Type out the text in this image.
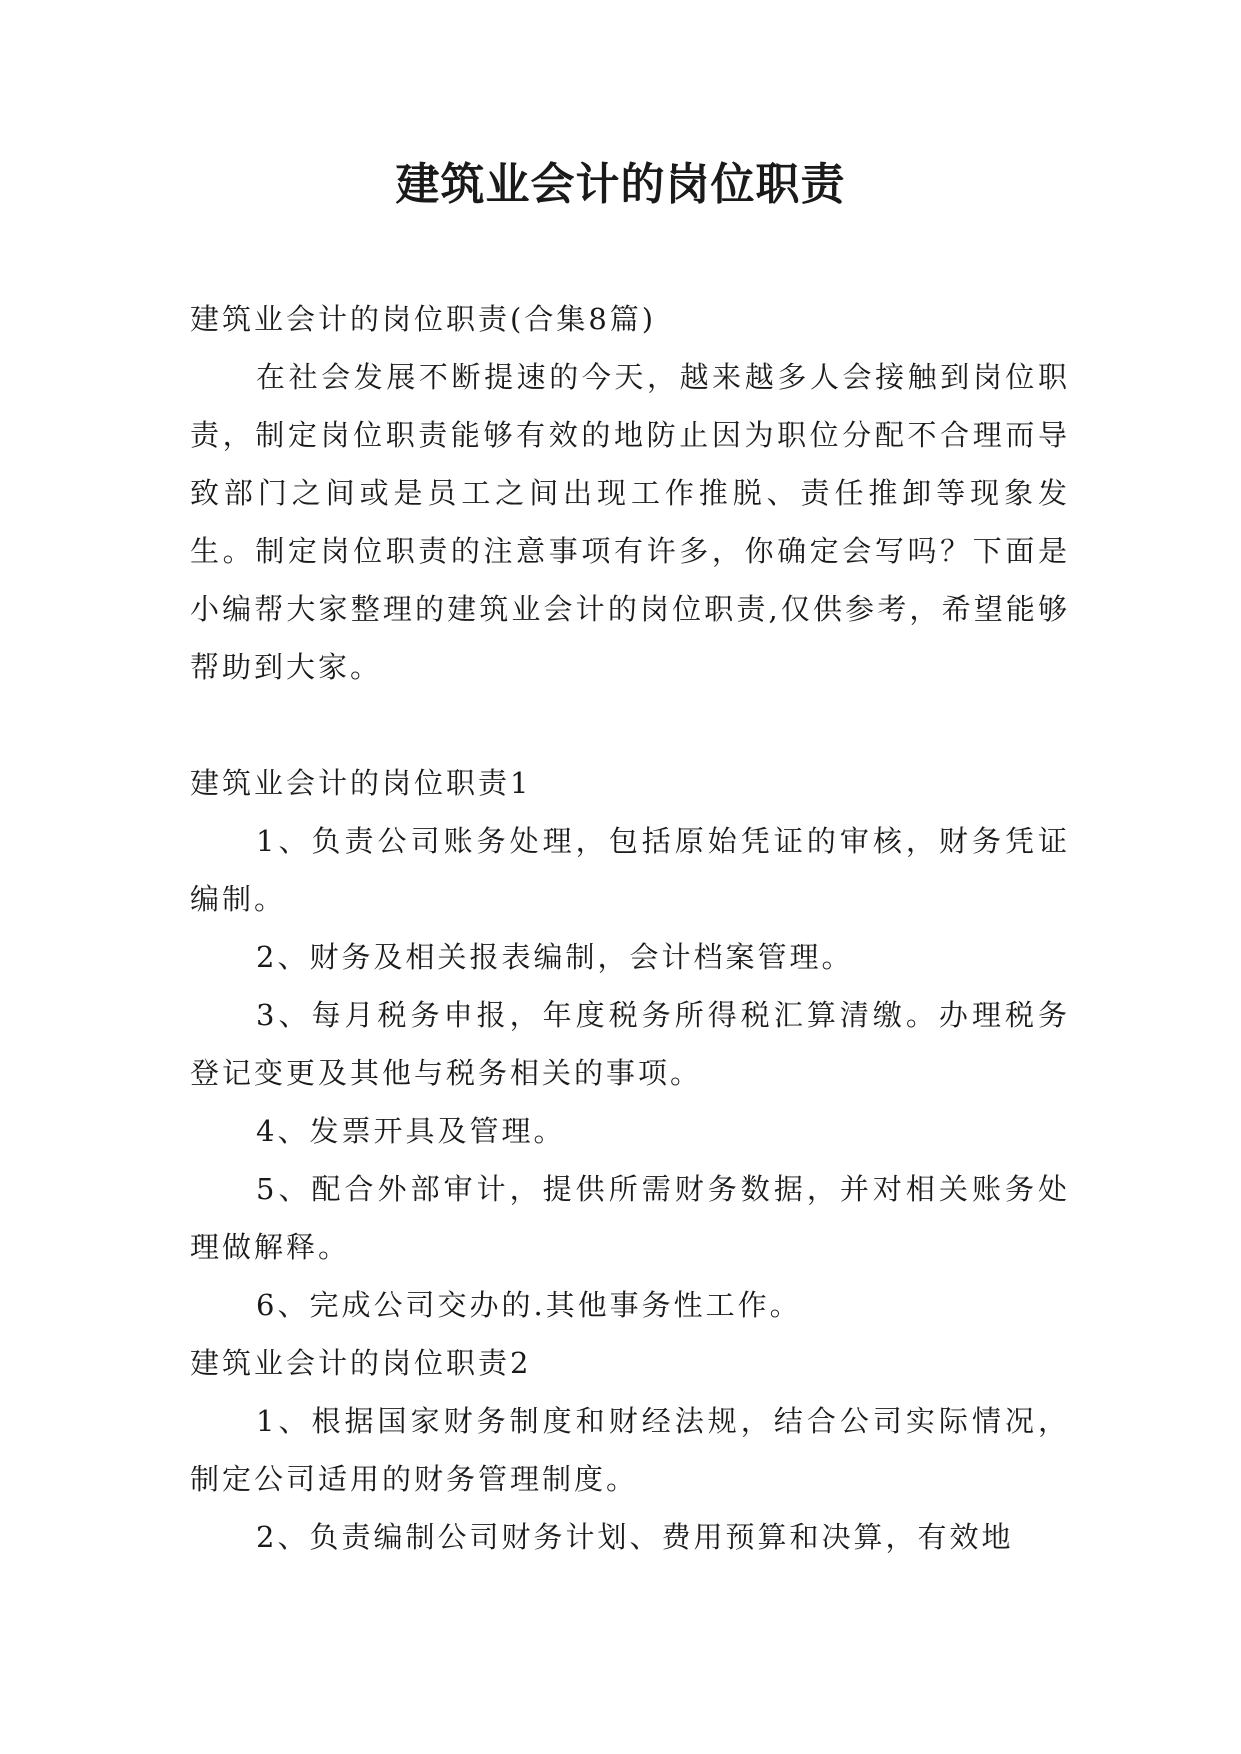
建筑业会计的岗位职责

建筑业会计的岗位职责(合集8篇)

在社会发展不断提速的今天，越来越多人会接触到岗位职责，制定岗位职责能够有效的地防止因为职位分配不合理而导致部门之间或是员工之间出现工作推脱、责任推卸等现象发生。制定岗位职责的注意事项有许多，你确定会写吗？下面是小编帮大家整理的建筑业会计的岗位职责,仅供参考，希望能够帮助到大家。

建筑业会计的岗位职责1

1、负责公司账务处理，包括原始凭证的审核，财务凭证编制。

2、财务及相关报表编制，会计档案管理。

3、每月税务申报，年度税务所得税汇算清缴。办理税务登记变更及其他与税务相关的事项。

4、发票开具及管理。

5、配合外部审计，提供所需财务数据，并对相关账务处理做解释。

6、完成公司交办的.其他事务性工作。

建筑业会计的岗位职责2

1、根据国家财务制度和财经法规，结合公司实际情况，制定公司适用的财务管理制度。

2、负责编制公司财务计划、费用预算和决算，有效地
